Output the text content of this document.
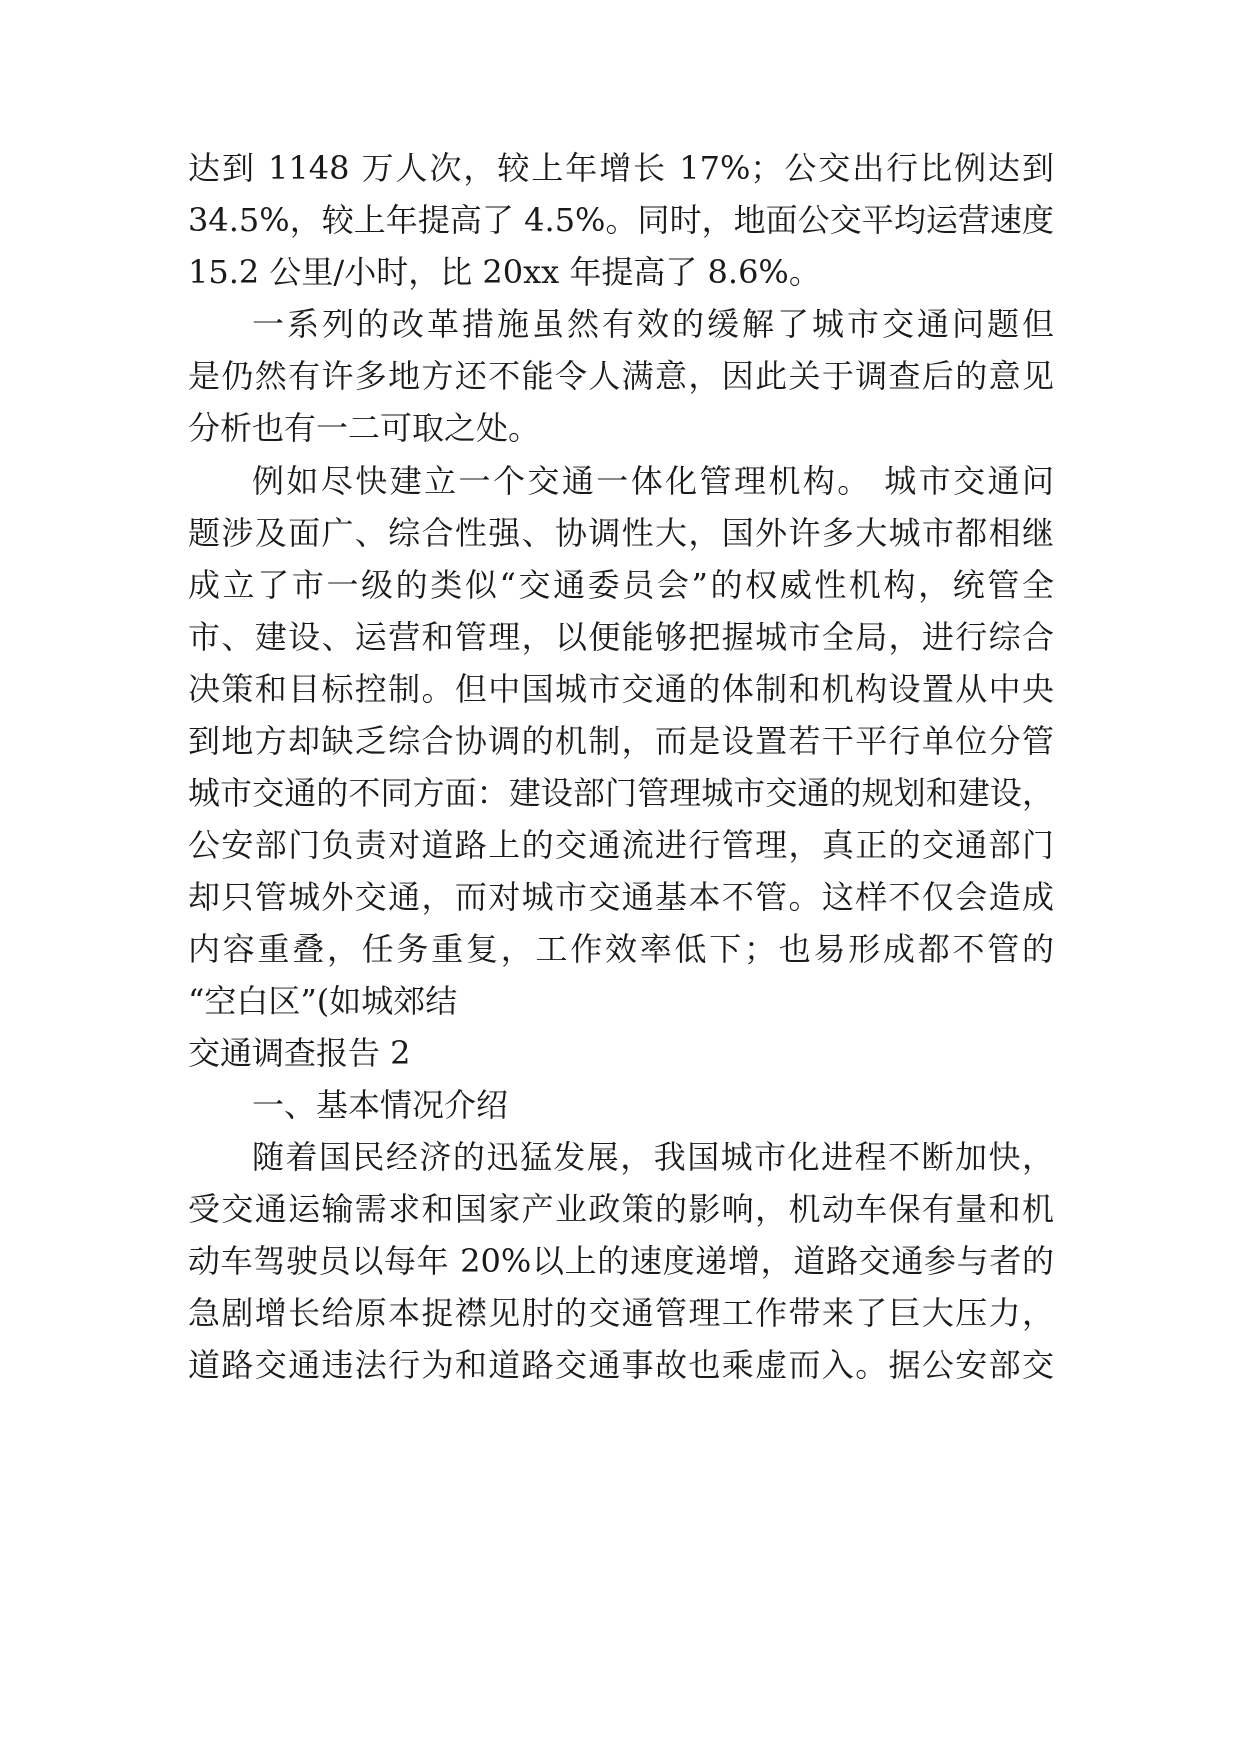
达到 1148 万人次，较上年增长 17%；公交出行比例达到
34.5%，较上年提高了 4.5%。同时，地面公交平均运营速度
15.2 公里/小时，比 20xx 年提高了 8.6%。
一系列的改革措施虽然有效的缓解了城市交通问题但
是仍然有许多地方还不能令人满意，因此关于调查后的意见
分析也有一二可取之处。
例如尽快建立一个交通一体化管理机构。 城市交通问
题涉及面广、综合性强、协调性大，国外许多大城市都相继
成立了市一级的类似“交通委员会”的权威性机构，统管全
市、建设、运营和管理，以便能够把握城市全局，进行综合
决策和目标控制。但中国城市交通的体制和机构设置从中央
到地方却缺乏综合协调的机制，而是设置若干平行单位分管
城市交通的不同方面：建设部门管理城市交通的规划和建设，
公安部门负责对道路上的交通流进行管理，真正的交通部门
却只管城外交通，而对城市交通基本不管。这样不仅会造成
内容重叠，任务重复，工作效率低下；也易形成都不管的
“空白区”(如城郊结
交通调查报告 2
一、基本情况介绍
随着国民经济的迅猛发展，我国城市化进程不断加快，
受交通运输需求和国家产业政策的影响，机动车保有量和机
动车驾驶员以每年 20%以上的速度递增，道路交通参与者的
急剧增长给原本捉襟见肘的交通管理工作带来了巨大压力，
道路交通违法行为和道路交通事故也乘虚而入。据公安部交
